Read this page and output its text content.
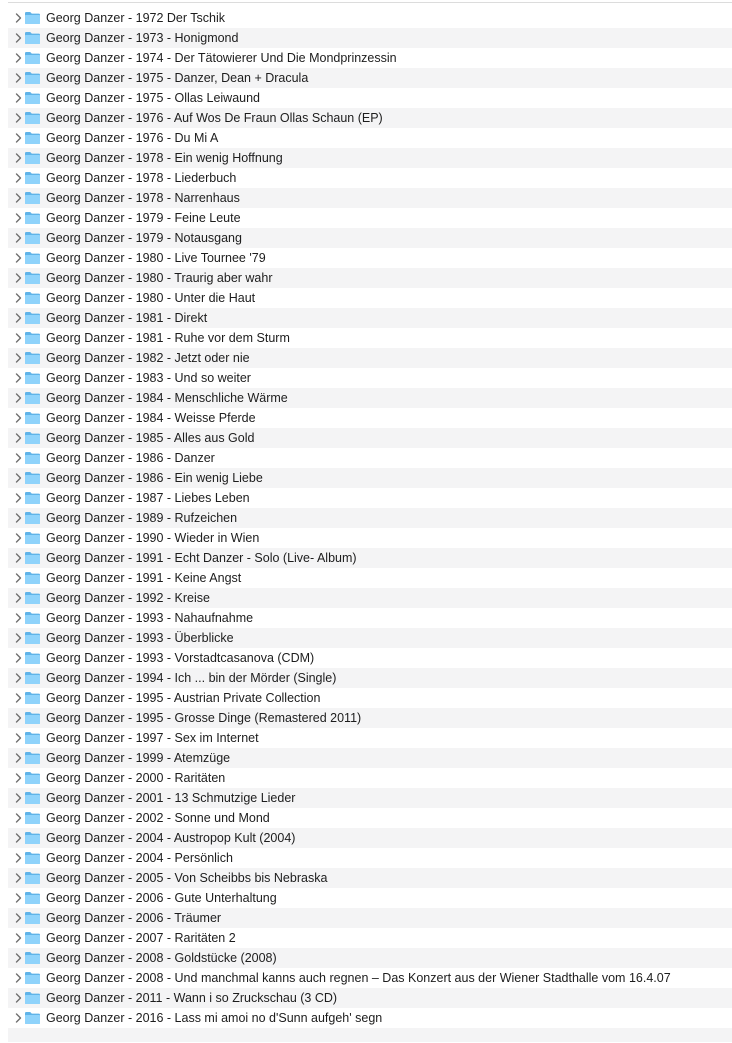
Georg Danzer - 1972 Der Tschik
Georg Danzer - 1973 - Honigmond
Georg Danzer - 1974 - Der Tätowierer Und Die Mondprinzessin
Georg Danzer - 1975 - Danzer, Dean + Dracula
Georg Danzer - 1975 - Ollas Leiwaund
Georg Danzer - 1976 - Auf Wos De Fraun Ollas Schaun (EP)
Georg Danzer - 1976 - Du Mi A
Georg Danzer - 1978 - Ein wenig Hoffnung
Georg Danzer - 1978 - Liederbuch
Georg Danzer - 1978 - Narrenhaus
Georg Danzer - 1979 - Feine Leute
Georg Danzer - 1979 - Notausgang
Georg Danzer - 1980 - Live Tournee '79
Georg Danzer - 1980 - Traurig aber wahr
Georg Danzer - 1980 - Unter die Haut
Georg Danzer - 1981 - Direkt
Georg Danzer - 1981 - Ruhe vor dem Sturm
Georg Danzer - 1982 - Jetzt oder nie
Georg Danzer - 1983 - Und so weiter
Georg Danzer - 1984 - Menschliche Wärme
Georg Danzer - 1984 - Weisse Pferde
Georg Danzer - 1985 - Alles aus Gold
Georg Danzer - 1986 - Danzer
Georg Danzer - 1986 - Ein wenig Liebe
Georg Danzer - 1987 - Liebes Leben
Georg Danzer - 1989 - Rufzeichen
Georg Danzer - 1990 - Wieder in Wien
Georg Danzer - 1991 - Echt Danzer - Solo (Live- Album)
Georg Danzer - 1991 - Keine Angst
Georg Danzer - 1992 - Kreise
Georg Danzer - 1993 - Nahaufnahme
Georg Danzer - 1993 - Überblicke
Georg Danzer - 1993 - Vorstadtcasanova (CDM)
Georg Danzer - 1994 - Ich ... bin der Mörder (Single)
Georg Danzer - 1995 - Austrian Private Collection
Georg Danzer - 1995 - Grosse Dinge (Remastered 2011)
Georg Danzer - 1997 - Sex im Internet
Georg Danzer - 1999 - Atemzüge
Georg Danzer - 2000 - Raritäten
Georg Danzer - 2001 - 13 Schmutzige Lieder
Georg Danzer - 2002 - Sonne und Mond
Georg Danzer - 2004 - Austropop Kult (2004)
Georg Danzer - 2004 - Persönlich
Georg Danzer - 2005 - Von Scheibbs bis Nebraska
Georg Danzer - 2006 - Gute Unterhaltung
Georg Danzer - 2006 - Träumer
Georg Danzer - 2007 - Raritäten 2
Georg Danzer - 2008 - Goldstücke (2008)
Georg Danzer - 2008 - Und manchmal kanns auch regnen – Das Konzert aus der Wiener Stadthalle vom 16.4.07
Georg Danzer - 2011 - Wann i so Zruckschau (3 CD)
Georg Danzer - 2016 - Lass mi amoi no d'Sunn aufgeh' segn
